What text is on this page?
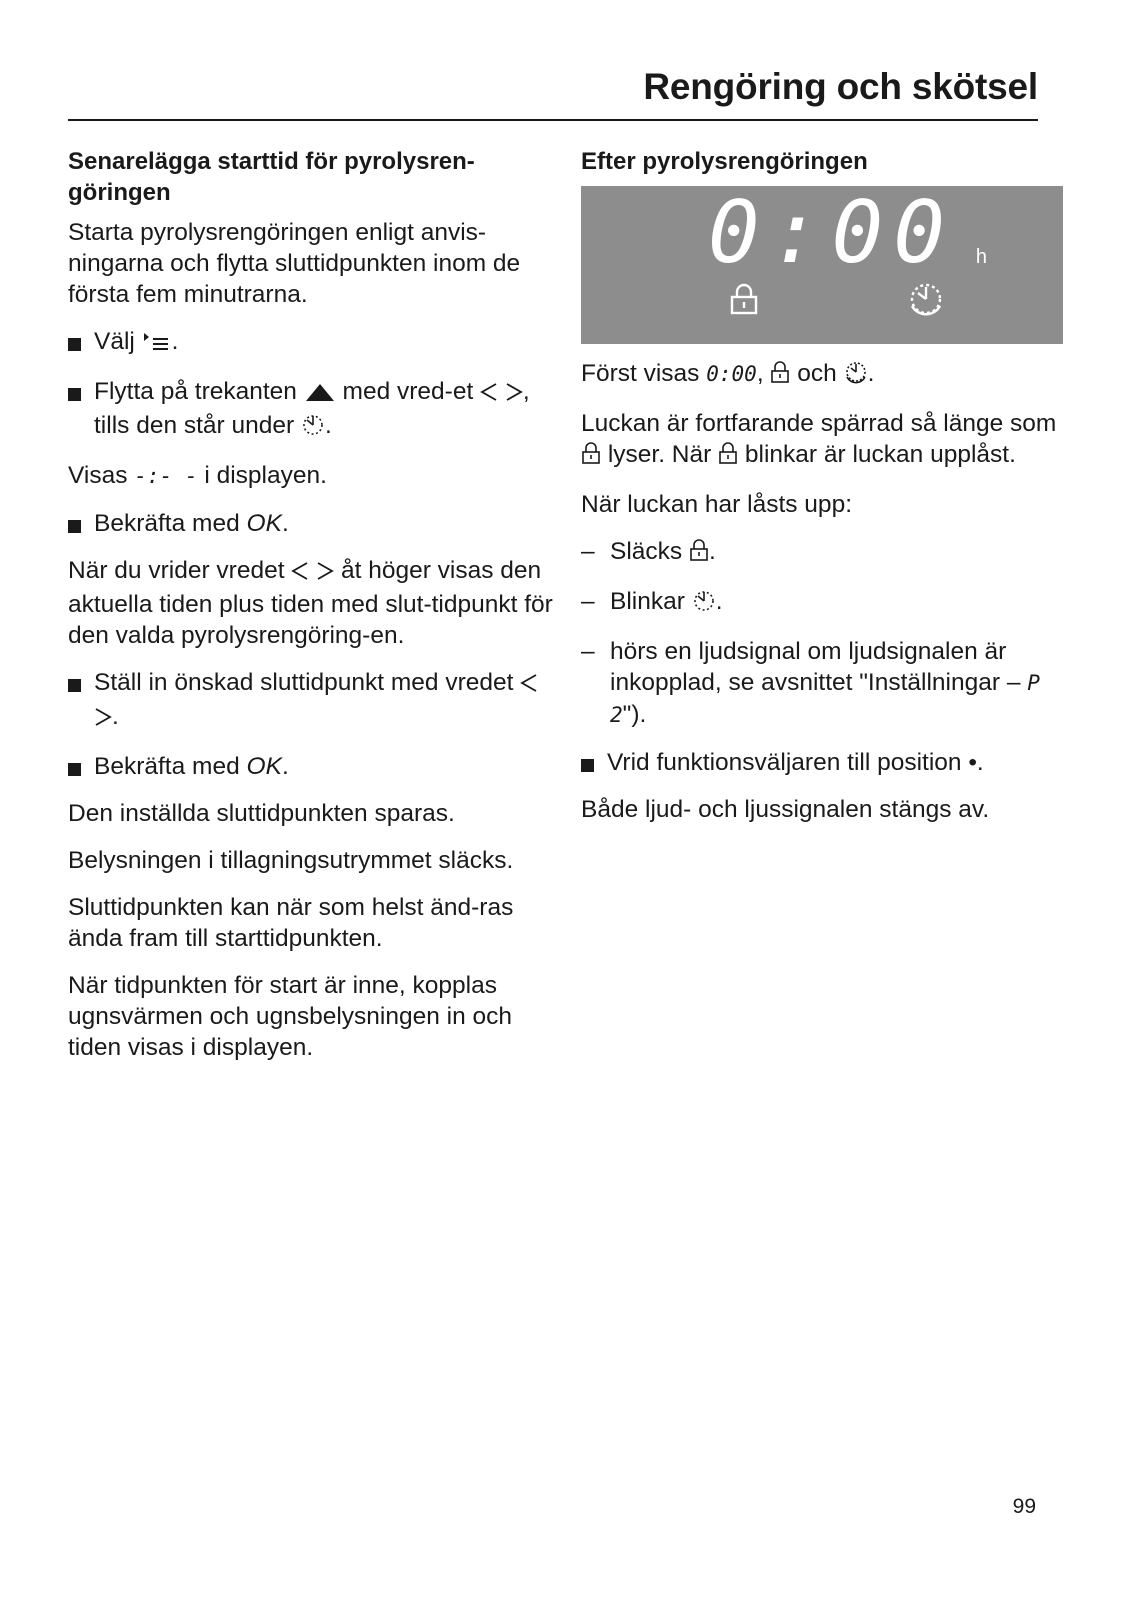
Rengöring och skötsel
Senarelägga starttid för pyrolysren-göringen
Starta pyrolysrengöringen enligt anvis-ningarna och flytta sluttidpunkten inom de första fem minutrarna.
Välj .
Flytta på trekanten med vred-et , tills den står under .
Visas -:- - i displayen.
Bekräfta med OK.
När du vrider vredet åt höger visas den aktuella tiden plus tiden med slut-tidpunkt för den valda pyrolysrengöring-en.
Ställ in önskad sluttidpunkt med vredet  .
Bekräfta med OK.
Den inställda sluttidpunkten sparas.
Belysningen i tillagningsutrymmet släcks.
Sluttidpunkten kan när som helst änd-ras ända fram till starttidpunkten.
När tidpunkten för start är inne, kopplas ugnsvärmen och ugnsbelysningen in och tiden visas i displayen.
Efter pyrolysrengöringen
0:00 h
Först visas 0:00,  och .
Luckan är fortfarande spärrad så länge som  lyser. När blinkar är luckan upplåst.
När luckan har låsts upp:
– Släcks .
– Blinkar .
– hörs en ljudsignal om ljudsignalen är inkopplad, se avsnittet "Inställningar – P 2").
Vrid funktionsväljaren till position •.
Både ljud- och ljussignalen stängs av.
99
